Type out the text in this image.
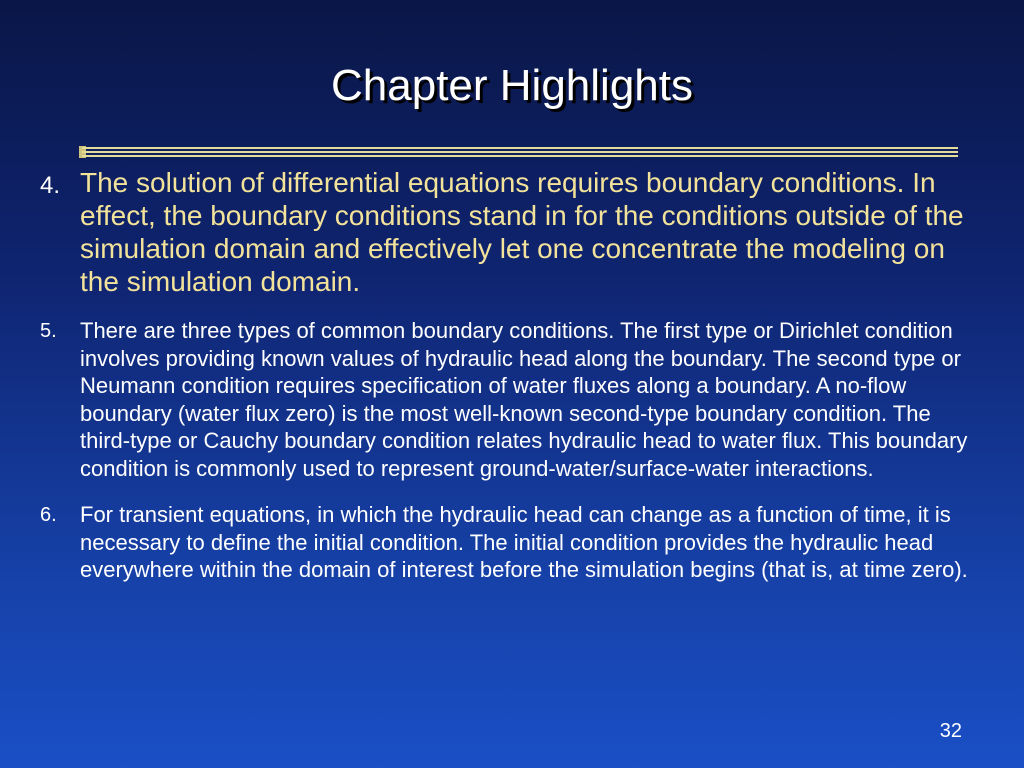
Chapter Highlights
4. The solution of differential equations requires boundary conditions. In effect, the boundary conditions stand in for the conditions outside of the simulation domain and effectively let one concentrate the modeling on the simulation domain.
5.	There are three types of common boundary conditions. The first type or Dirichlet condition involves providing known values of hydraulic head along the boundary. The second type or Neumann condition requires specification of water fluxes along a boundary. A no-flow boundary (water flux zero) is the most well-known second-type boundary condition. The third-type or Cauchy boundary condition relates hydraulic head to water flux. This boundary condition is commonly used to represent ground-water/surface-water interactions.
6.	For transient equations, in which the hydraulic head can change as a function of time, it is necessary to define the initial condition. The initial condition provides the hydraulic head everywhere within the domain of interest before the simulation begins (that is, at time zero).
32
